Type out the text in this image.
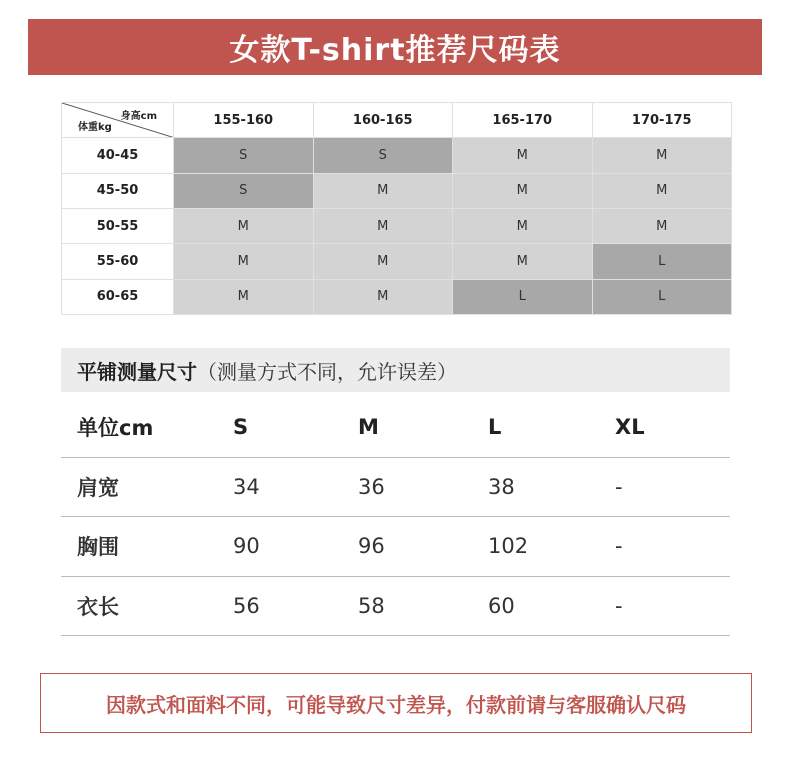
女款T-shirt推荐尺码表
身高cm
体重kg
155-160	160-165	165-170	170-175
40-45	S	S	M	M
45-50	S	M	M	M
50-55	M	M	M	M
55-60	M	M	M	L
60-65	M	M	L	L
平铺测量尺寸 （测量方式不同，允许误差）
单位cm	S	M	L	XL
肩宽	34	36	38	-
胸围	90	96	102	-
衣长	56	58	60	-
因款式和面料不同，可能导致尺寸差异，付款前请与客服确认尺码
